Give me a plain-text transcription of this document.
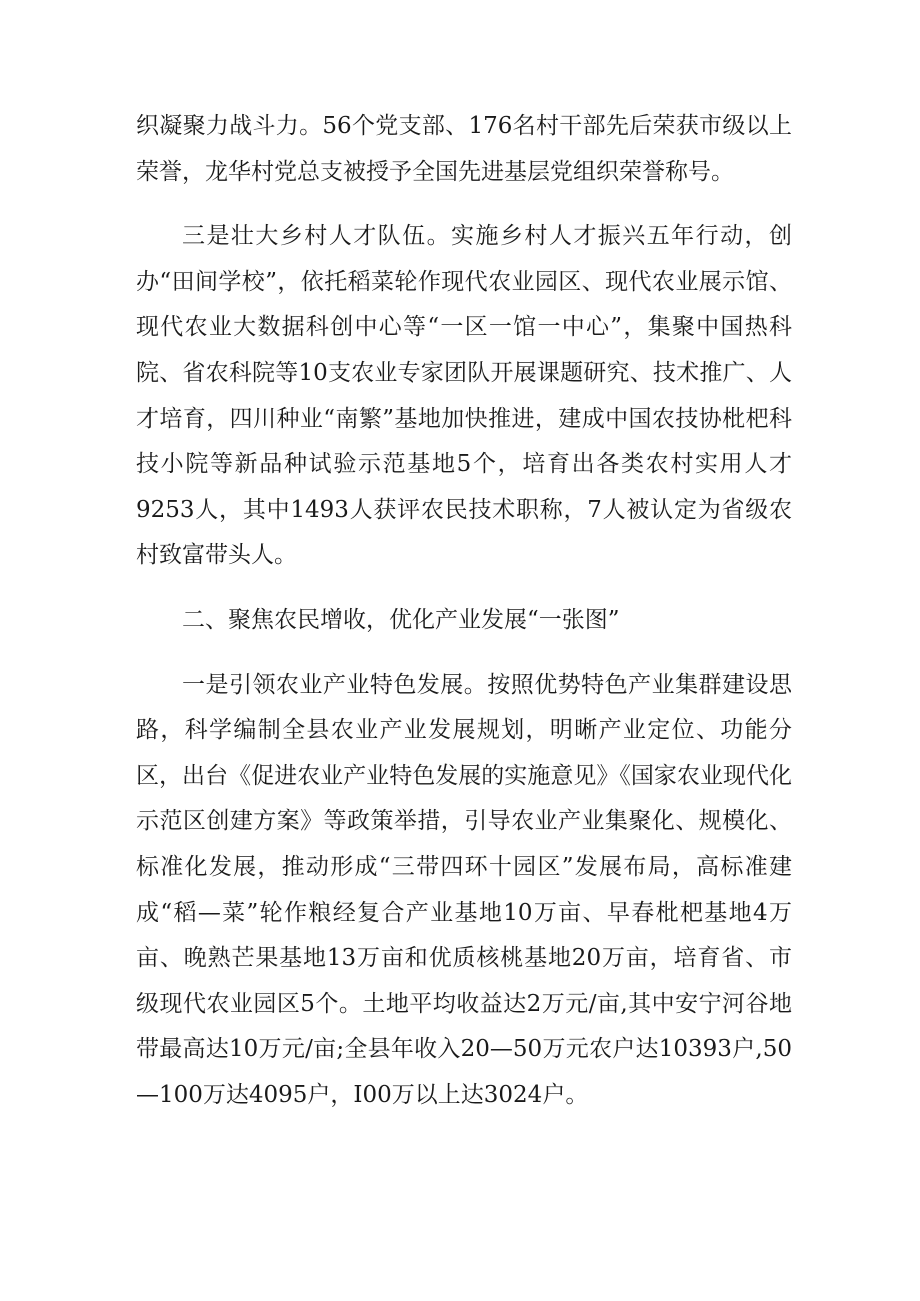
织凝聚力战斗力。56个党支部、176名村干部先后荣获市级以上荣誉，龙华村党总支被授予全国先进基层党组织荣誉称号。

三是壮大乡村人才队伍。实施乡村人才振兴五年行动，创办“田间学校”，依托稻菜轮作现代农业园区、现代农业展示馆、现代农业大数据科创中心等“一区一馆一中心”，集聚中国热科院、省农科院等10支农业专家团队开展课题研究、技术推广、人才培育，四川种业“南繁”基地加快推进，建成中国农技协枇杷科技小院等新品种试验示范基地5个，培育出各类农村实用人才9253人，其中1493人获评农民技术职称，7人被认定为省级农村致富带头人。

二、聚焦农民增收，优化产业发展“一张图”

一是引领农业产业特色发展。按照优势特色产业集群建设思路，科学编制全县农业产业发展规划，明晰产业定位、功能分区，出台《促进农业产业特色发展的实施意见》《国家农业现代化示范区创建方案》等政策举措，引导农业产业集聚化、规模化、标准化发展，推动形成“三带四环十园区”发展布局，高标准建成“稻—菜”轮作粮经复合产业基地10万亩、早春枇杷基地4万亩、晚熟芒果基地13万亩和优质核桃基地20万亩，培育省、市级现代农业园区5个。土地平均收益达2万元/亩,其中安宁河谷地带最高达10万元/亩;全县年收入20—50万元农户达10393户,50—100万达4095户，I00万以上达3024户。
